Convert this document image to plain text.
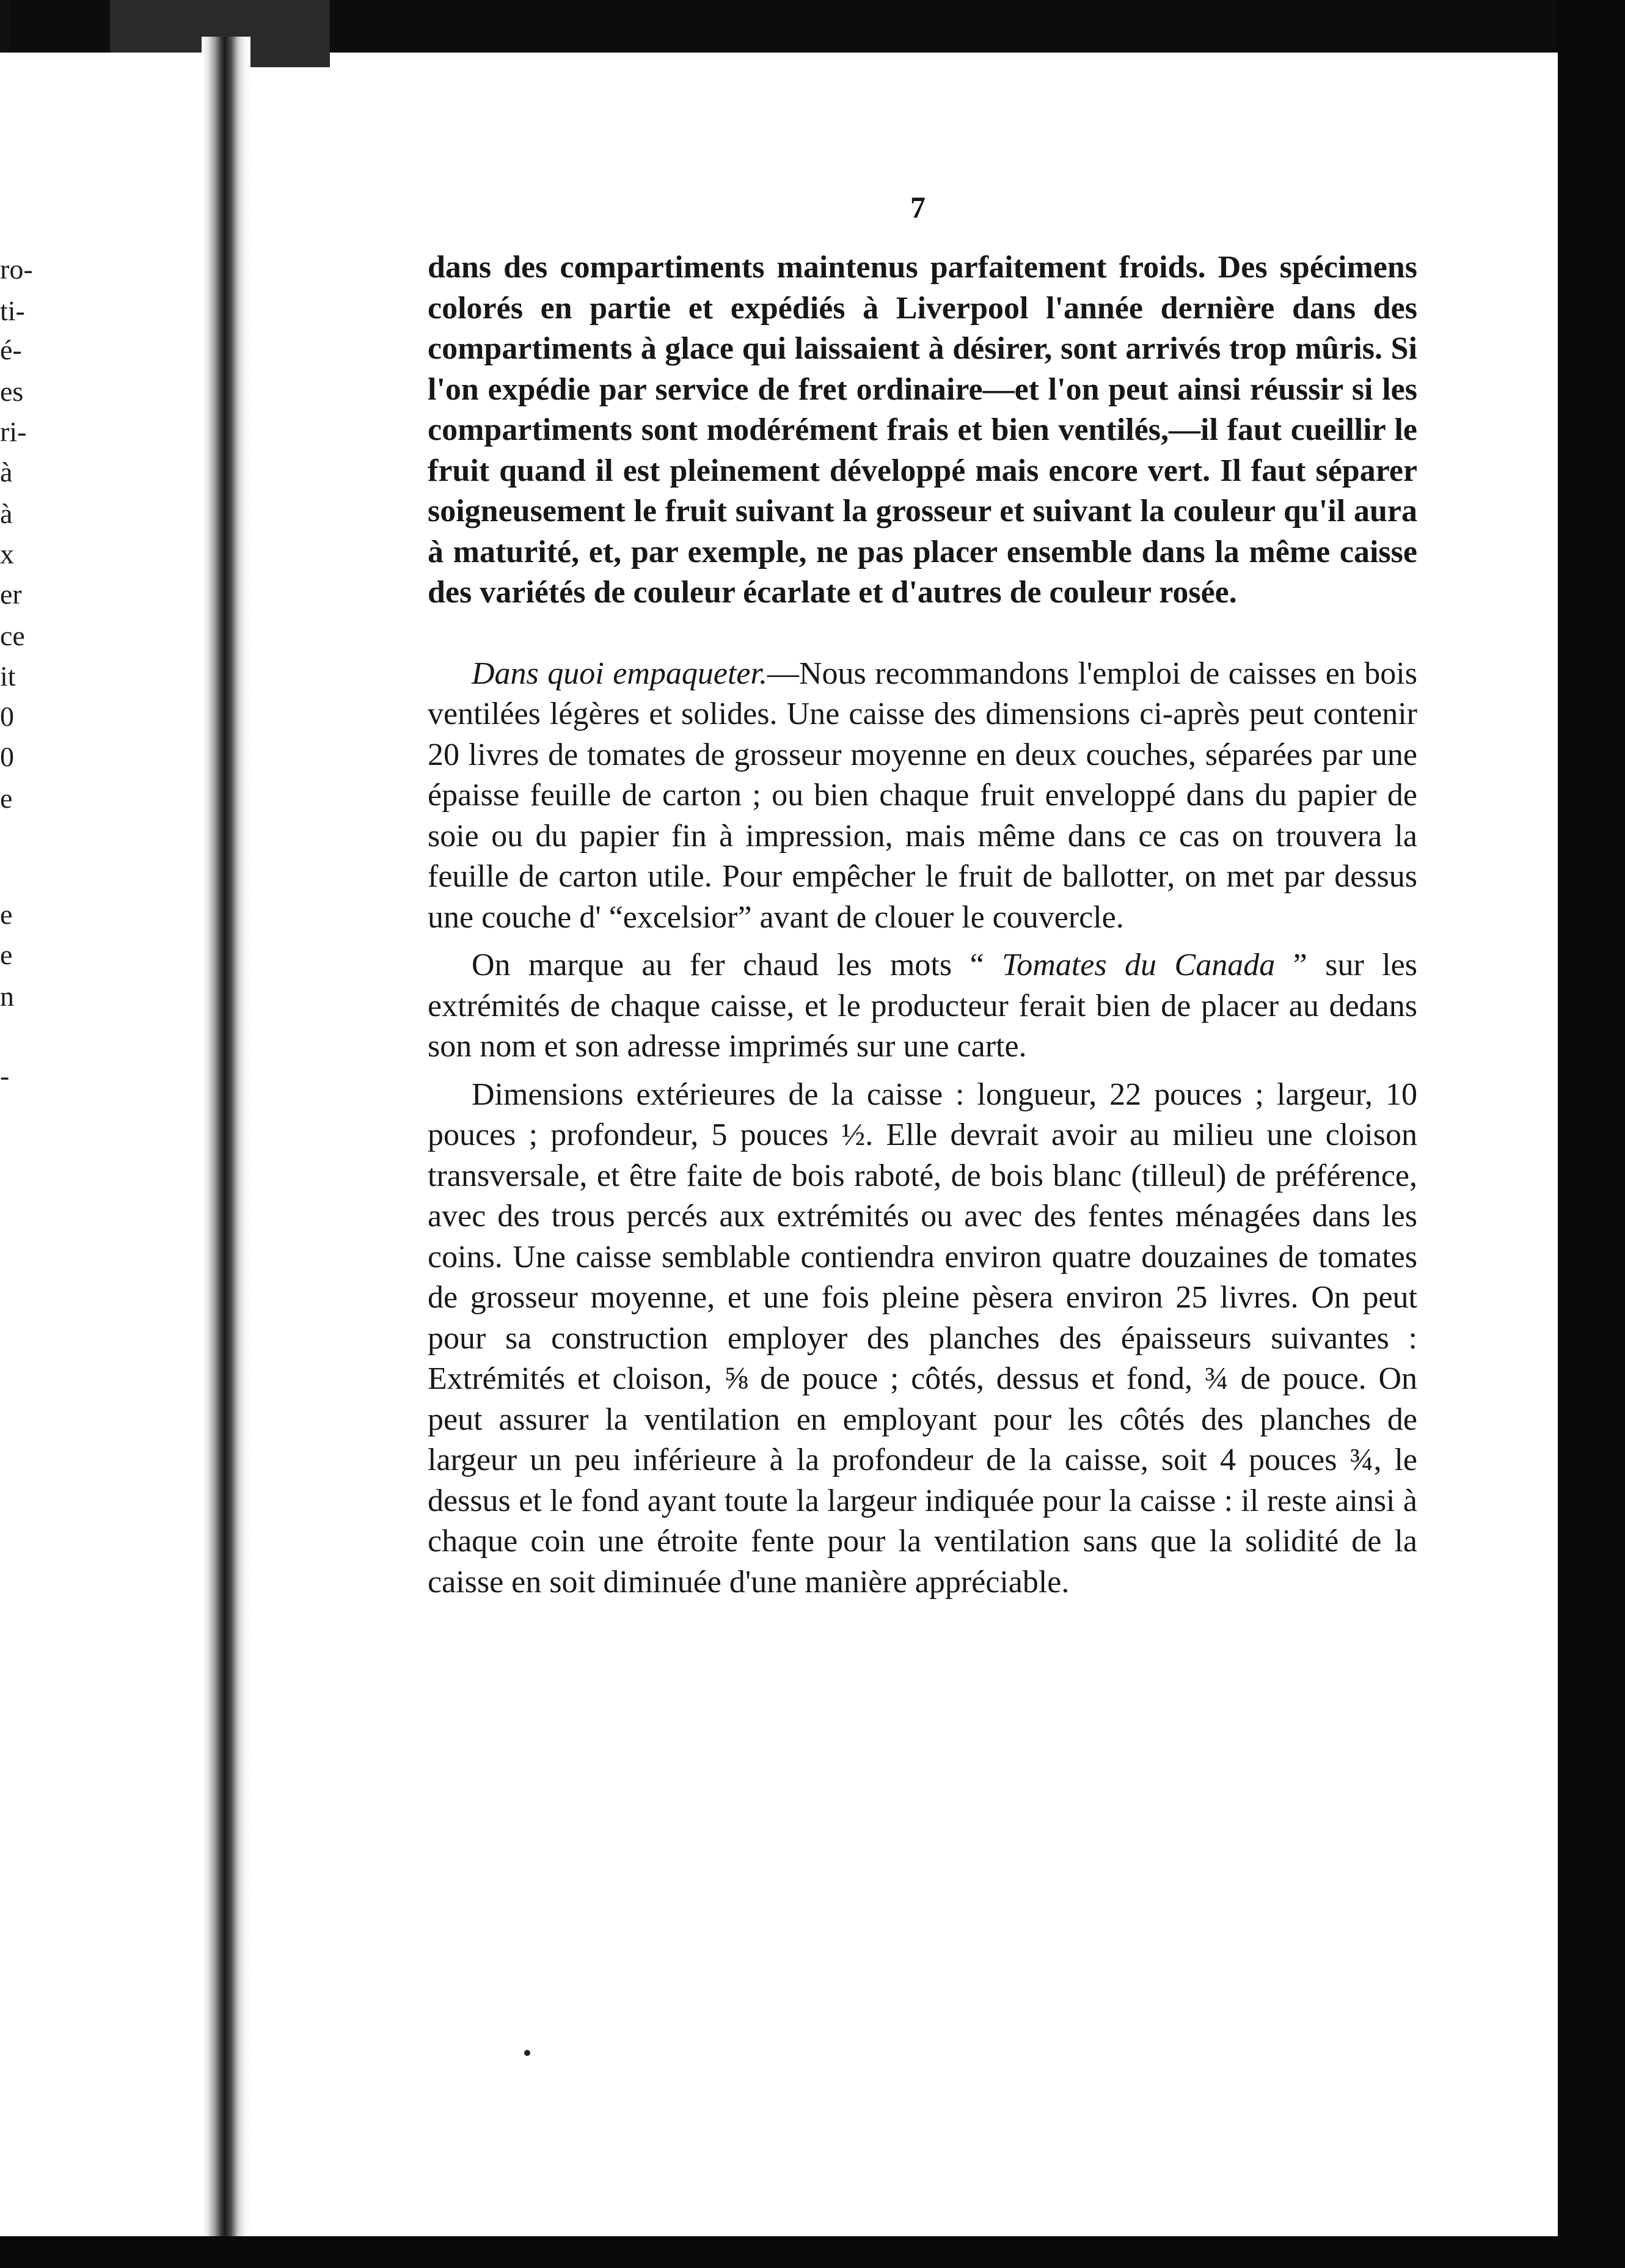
ro-
ti-
é-
es
ri-
à
à
x
er
ce
it
0
0
e
e
e
n
-
7

dans des compartiments maintenus parfaitement froids. Des spécimens colorés en partie et expédiés à Liverpool l'année dernière dans des compartiments à glace qui laissaient à désirer, sont arrivés trop mûris. Si l'on expédie par service de fret ordinaire—et l'on peut ainsi réussir si les compartiments sont modérément frais et bien ventilés,—il faut cueillir le fruit quand il est pleinement développé mais encore vert. Il faut séparer soigneusement le fruit suivant la grosseur et suivant la couleur qu'il aura à maturité, et, par exemple, ne pas placer ensemble dans la même caisse des variétés de couleur écarlate et d'autres de couleur rosée.

Dans quoi empaqueter.—Nous recommandons l'emploi de caisses en bois ventilées légères et solides. Une caisse des dimensions ci-après peut contenir 20 livres de tomates de grosseur moyenne en deux couches, séparées par une épaisse feuille de carton ; ou bien chaque fruit enveloppé dans du papier de soie ou du papier fin à impression, mais même dans ce cas on trouvera la feuille de carton utile. Pour empêcher le fruit de ballotter, on met par dessus une couche d' “excelsior” avant de clouer le couvercle.

On marque au fer chaud les mots “ Tomates du Canada ” sur les extrémités de chaque caisse, et le producteur ferait bien de placer au dedans son nom et son adresse imprimés sur une carte.

Dimensions extérieures de la caisse : longueur, 22 pouces ; largeur, 10 pouces ; profondeur, 5 pouces ½. Elle devrait avoir au milieu une cloison transversale, et être faite de bois raboté, de bois blanc (tilleul) de préférence, avec des trous percés aux extrémités ou avec des fentes ménagées dans les coins. Une caisse semblable contiendra environ quatre douzaines de tomates de grosseur moyenne, et une fois pleine pèsera environ 25 livres. On peut pour sa construction employer des planches des épaisseurs suivantes : Extrémités et cloison, ⅝ de pouce ; côtés, dessus et fond, ¾ de pouce. On peut assurer la ventilation en employant pour les côtés des planches de largeur un peu inférieure à la profondeur de la caisse, soit 4 pouces ¾, le dessus et le fond ayant toute la largeur indiquée pour la caisse : il reste ainsi à chaque coin une étroite fente pour la ventilation sans que la solidité de la caisse en soit diminuée d'une manière appréciable.
